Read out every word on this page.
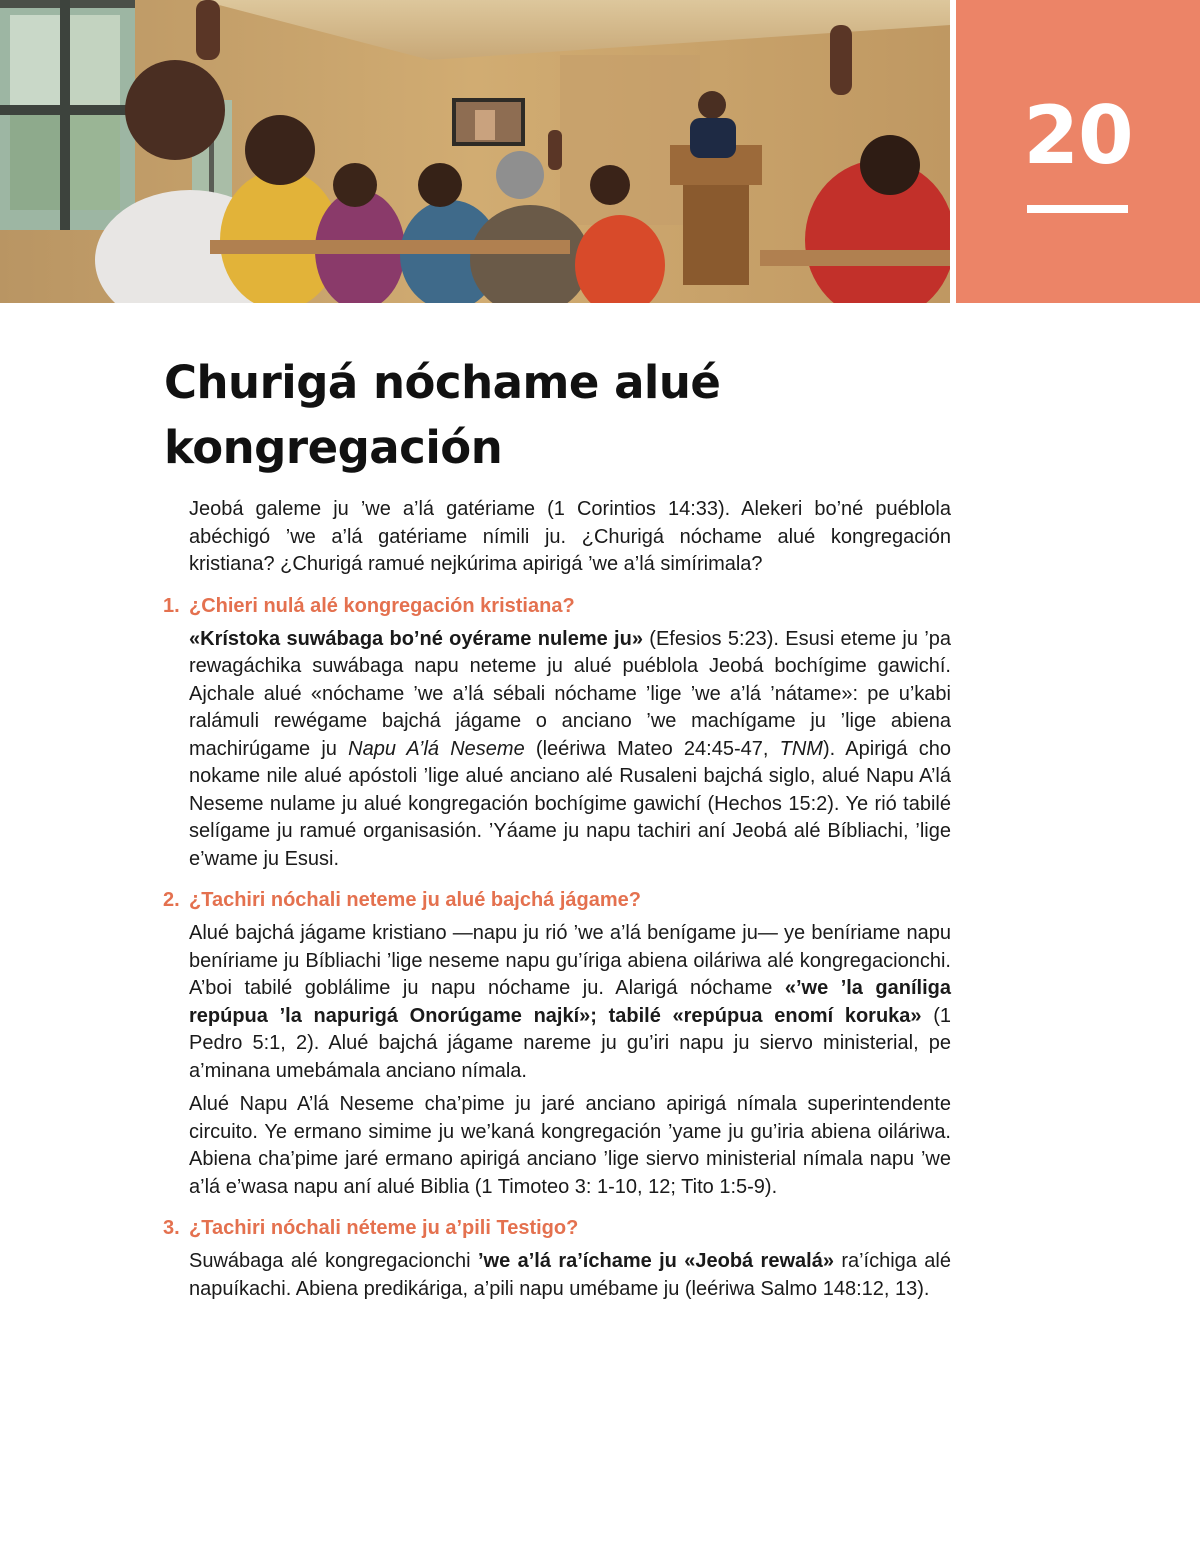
20
Churigá nóchame alué kongregación

Jeobá galeme ju ’we a’lá gatériame (1 Corintios 14:33). Alekeri bo’né puéblola abéchigó ’we a’lá gatériame nímili ju. ¿Churigá nóchame alué kongregación kristiana? ¿Churigá ramué nejkúrima apirigá ’we a’lá simírimala?

1. ¿Chieri nulá alé kongregación kristiana?

«Krístoka suwábaga bo’né oyérame nuleme ju» (Efesios 5:23). Esusi eteme ju ’pa rewagáchika suwábaga napu neteme ju alué puéblola Jeobá bochígime gawichí. Ajchale alué «nóchame ’we a’lá sébali nóchame ’lige ’we a’lá ’nátame»: pe u’kabi ralámuli rewégame bajchá jágame o anciano ’we machígame ju ’lige abiena machirúgame ju Napu A’lá Neseme (leériwa Mateo 24:45-47, TNM). Apirigá cho nokame nile alué apóstoli ’lige alué anciano alé Rusaleni bajchá siglo, alué Napu A’lá Neseme nulame ju alué kongregación bochígime gawichí (Hechos 15:2). Ye rió tabilé selígame ju ramué organisasión. ’Yáame ju napu tachiri aní Jeobá alé Bíbliachi, ’lige e’wame ju Esusi.

2. ¿Tachiri nóchali neteme ju alué bajchá jágame?

Alué bajchá jágame kristiano —napu ju rió ’we a’lá benígame ju— ye beníriame napu beníriame ju Bíbliachi ’lige neseme napu gu’íriga abiena oiláriwa alé kongregacionchi. A’boi tabilé goblálime ju napu nóchame ju. Alarigá nóchame «’we ’la ganíliga repúpua ’la napurigá Onorúgame najkí»; tabilé «repúpua enomí koruka» (1 Pedro 5:1, 2). Alué bajchá jágame nareme ju gu’iri napu ju siervo ministerial, pe a’minana umebámala anciano nímala.

Alué Napu A’lá Neseme cha’pime ju jaré anciano apirigá nímala superintendente circuito. Ye ermano simime ju we’kaná kongregación ’yame ju gu’iria abiena oiláriwa. Abiena cha’pime jaré ermano apirigá anciano ’lige siervo ministerial nímala napu ’we a’lá e’wasa napu aní alué Biblia (1 Timoteo 3: 1-10, 12; Tito 1:5-9).

3. ¿Tachiri nóchali néteme ju a’pili Testigo?

Suwábaga alé kongregacionchi ’we a’lá ra’íchame ju «Jeobá rewalá» ra’íchiga alé napuíkachi. Abiena predikáriga, a’pili napu umébame ju (leériwa Salmo 148:12, 13).
